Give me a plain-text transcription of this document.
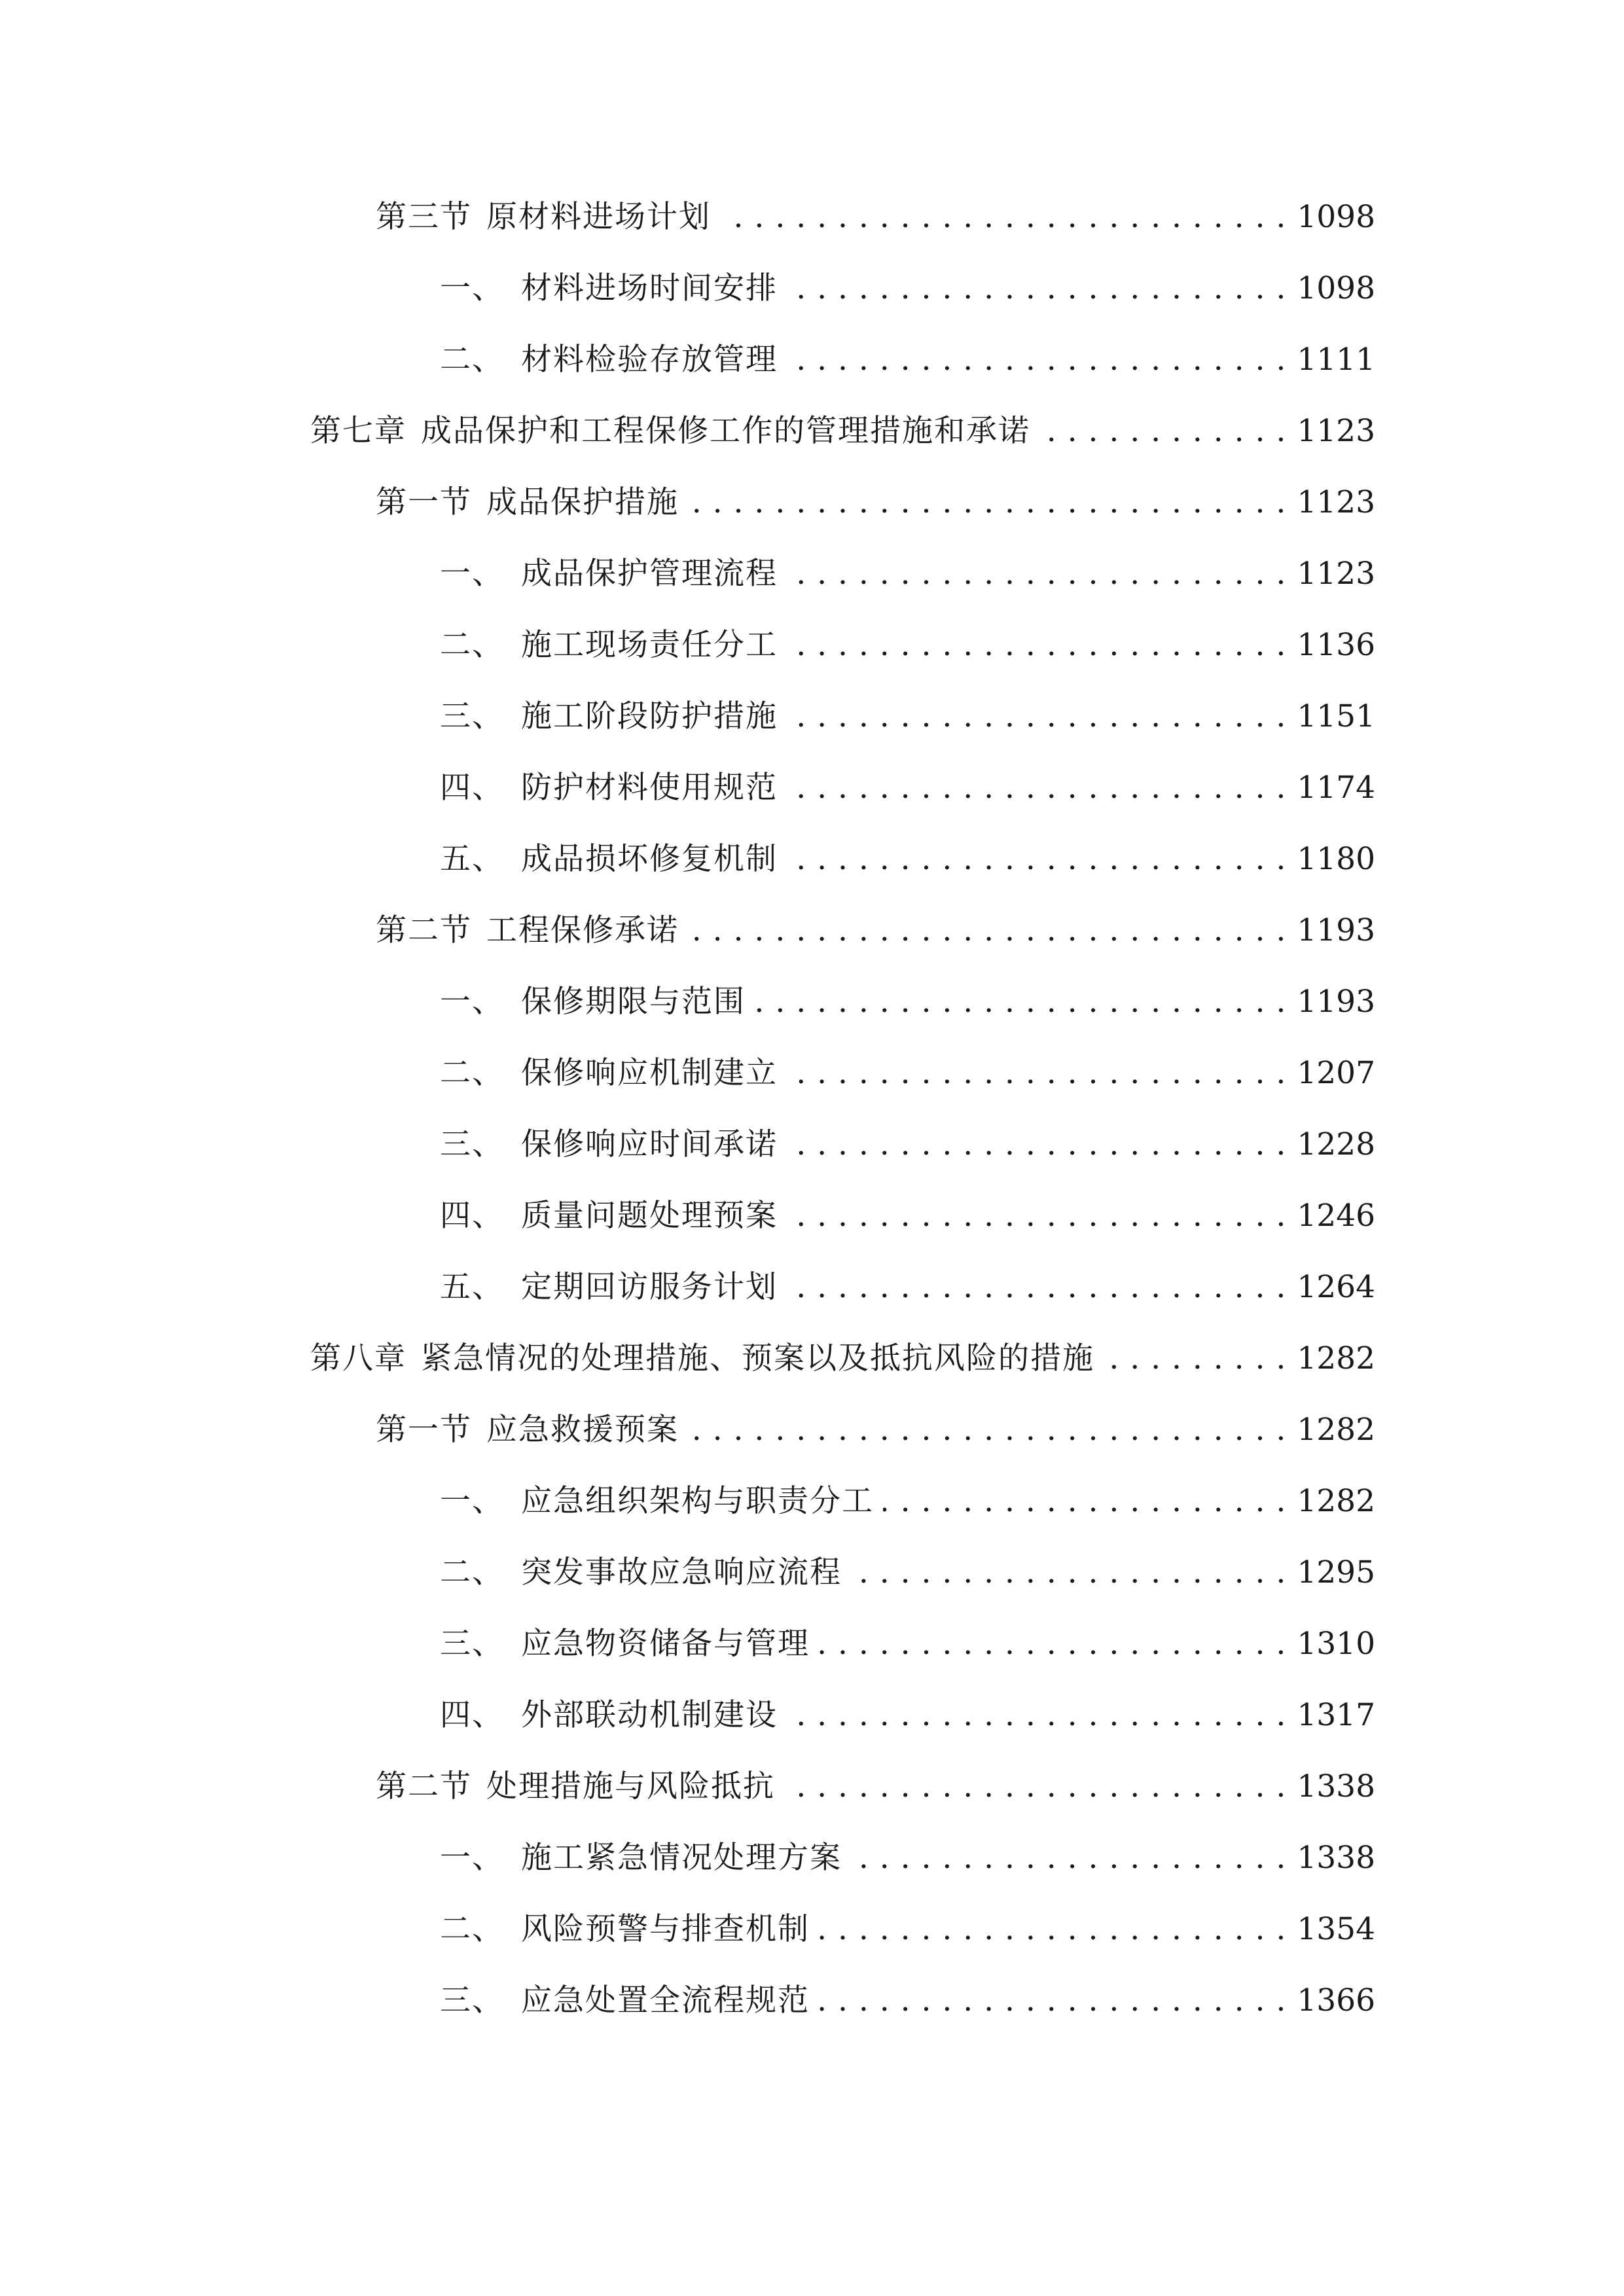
第三节 原材料进场计划 . . .	1098
一、 材料进场时间安排 . . .	1098
二、 材料检验存放管理 . . .	1111
第七章 成品保护和工程保修工作的管理措施和承诺 . . .	1123
第一节 成品保护措施 . . .	1123
一、 成品保护管理流程 . . .	1123
二、 施工现场责任分工 . . .	1136
三、 施工阶段防护措施 . . .	1151
四、 防护材料使用规范 . . .	1174
五、 成品损坏修复机制 . . .	1180
第二节 工程保修承诺 . . .	1193
一、 保修期限与范围 . . .	1193
二、 保修响应机制建立 . . .	1207
三、 保修响应时间承诺 . . .	1228
四、 质量问题处理预案 . . .	1246
五、 定期回访服务计划 . . .	1264
第八章 紧急情况的处理措施、预案以及抵抗风险的措施 . . .	1282
第一节 应急救援预案 . . .	1282
一、 应急组织架构与职责分工 . . .	1282
二、 突发事故应急响应流程 . . .	1295
三、 应急物资储备与管理 . . .	1310
四、 外部联动机制建设 . . .	1317
第二节 处理措施与风险抵抗 . . .	1338
一、 施工紧急情况处理方案 . . .	1338
二、 风险预警与排查机制 . . .	1354
三、 应急处置全流程规范 . . .	1366
